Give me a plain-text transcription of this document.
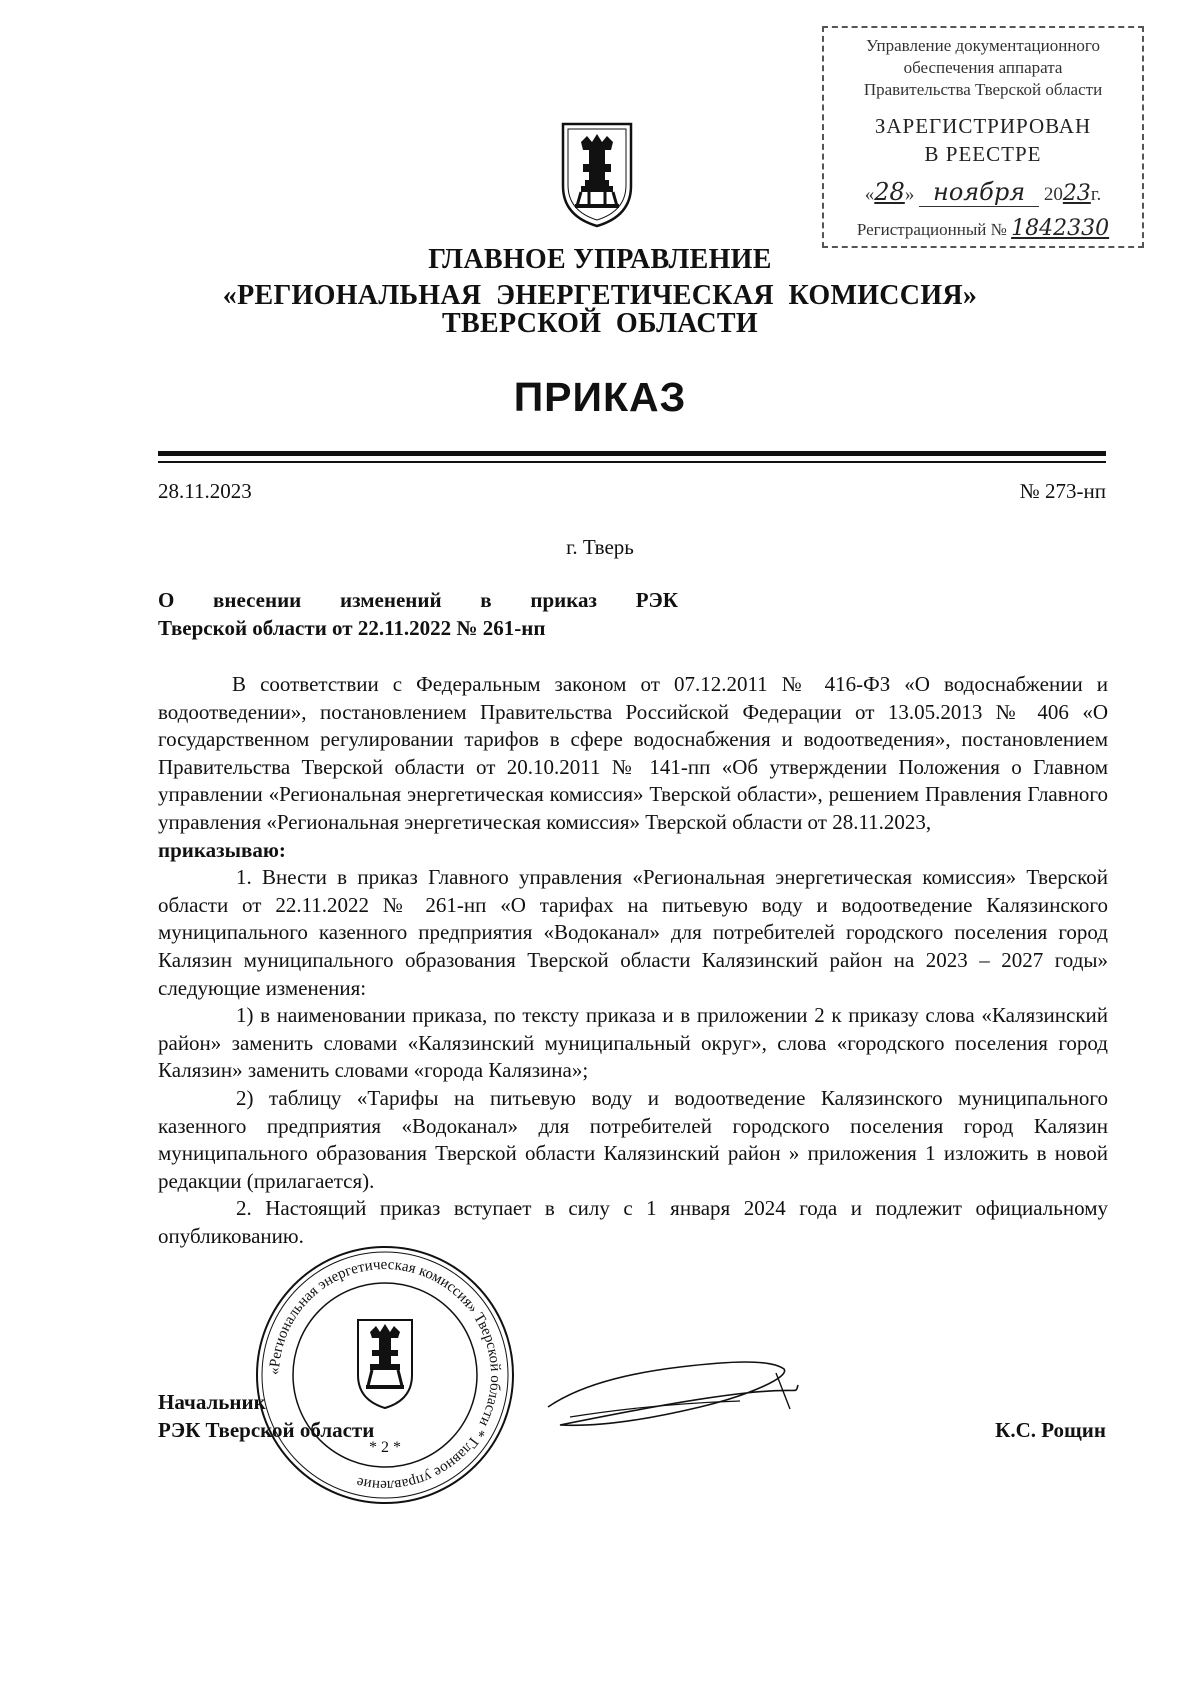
Управление документационного
обеспечения аппарата
Правительства Тверской области
ЗАРЕГИСТРИРОВАН
В РЕЕСТРЕ
«28» ноября 2023г.
Регистрационный № 1842330
ГЛАВНОЕ УПРАВЛЕНИЕ
«РЕГИОНАЛЬНАЯ  ЭНЕРГЕТИЧЕСКАЯ  КОМИССИЯ»
ТВЕРСКОЙ  ОБЛАСТИ
ПРИКАЗ
28.11.2023	№ 273-нп
г. Тверь
О внесении изменений в приказ РЭК
Тверской области от 22.11.2022 № 261-нп

В соответствии с Федеральным законом от 07.12.2011 № 416-ФЗ «О водоснабжении и водоотведении», постановлением Правительства Российской Федерации от 13.05.2013 № 406 «О государственном регулировании тарифов в сфере водоснабжения и водоотведения», постановлением Правительства Тверской области от 20.10.2011 № 141-пп «Об утверждении Положения о Главном управлении «Региональная энергетическая комиссия» Тверской области», решением Правления Главного управления «Региональная энергетическая комиссия» Тверской области от 28.11.2023,

приказываю:

1. Внести в приказ Главного управления «Региональная энергетическая комиссия» Тверской области от 22.11.2022 № 261-нп «О тарифах на питьевую воду и водоотведение Калязинского муниципального казенного предприятия «Водоканал» для потребителей городского поселения город Калязин муниципального образования Тверской области Калязинский район на 2023 – 2027 годы» следующие изменения:

1) в наименовании приказа, по тексту приказа и в приложении 2 к приказу слова «Калязинский район» заменить словами «Калязинский муниципальный округ», слова «городского поселения город Калязин» заменить словами «города Калязина»;

2) таблицу «Тарифы на питьевую воду и водоотведение Калязинского муниципального казенного предприятия «Водоканал» для потребителей городского поселения город Калязин муниципального образования Тверской области Калязинский район » приложения 1 изложить в новой редакции (прилагается).

2. Настоящий приказ вступает в силу с 1 января 2024 года и подлежит официальному опубликованию.

Начальник
РЭК Тверской области	К.С. Рощин
«Региональная энергетическая комиссия» Тверской области * Главное управление
* 2 *
